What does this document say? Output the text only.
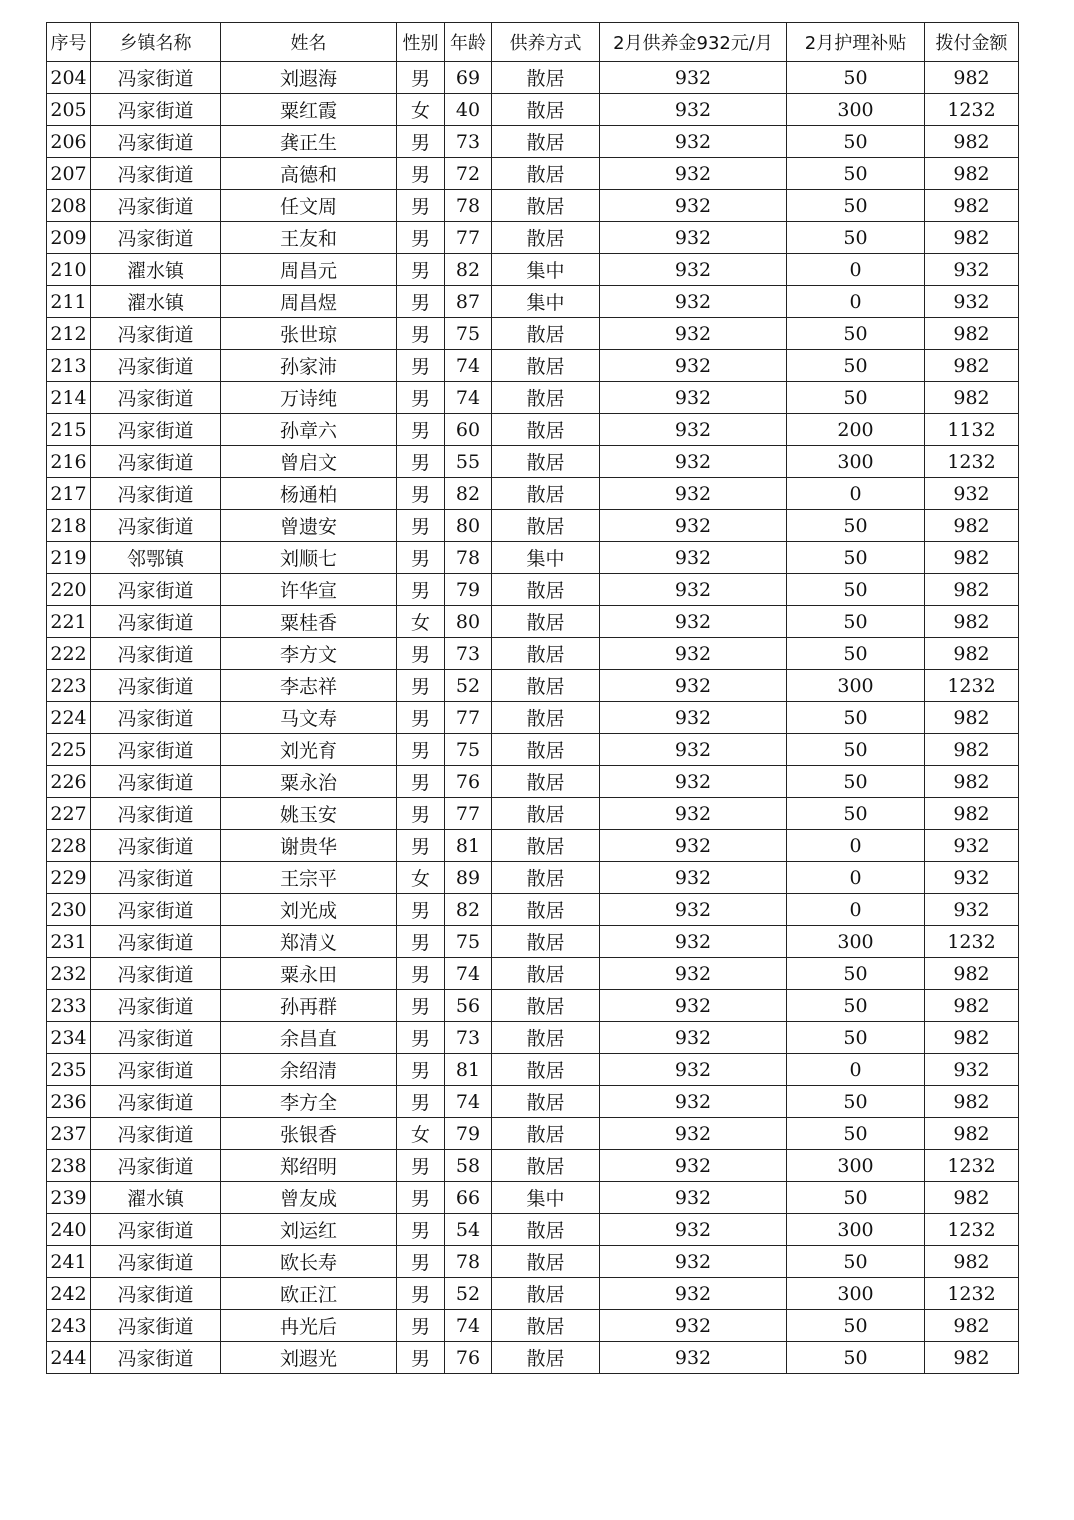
序号	乡镇名称	姓名	性别	年龄	供养方式	2月供养金932元/月	2月护理补贴	拨付金额
204	冯家街道	刘遐海	男	69	散居	932	50	982
205	冯家街道	粟红霞	女	40	散居	932	300	1232
206	冯家街道	龚正生	男	73	散居	932	50	982
207	冯家街道	高德和	男	72	散居	932	50	982
208	冯家街道	任文周	男	78	散居	932	50	982
209	冯家街道	王友和	男	77	散居	932	50	982
210	濯水镇	周昌元	男	82	集中	932	0	932
211	濯水镇	周昌煜	男	87	集中	932	0	932
212	冯家街道	张世琼	男	75	散居	932	50	982
213	冯家街道	孙家沛	男	74	散居	932	50	982
214	冯家街道	万诗纯	男	74	散居	932	50	982
215	冯家街道	孙章六	男	60	散居	932	200	1132
216	冯家街道	曾启文	男	55	散居	932	300	1232
217	冯家街道	杨通柏	男	82	散居	932	0	932
218	冯家街道	曾遗安	男	80	散居	932	50	982
219	邻鄂镇	刘顺七	男	78	集中	932	50	982
220	冯家街道	许华宣	男	79	散居	932	50	982
221	冯家街道	粟桂香	女	80	散居	932	50	982
222	冯家街道	李方文	男	73	散居	932	50	982
223	冯家街道	李志祥	男	52	散居	932	300	1232
224	冯家街道	马文寿	男	77	散居	932	50	982
225	冯家街道	刘光育	男	75	散居	932	50	982
226	冯家街道	粟永治	男	76	散居	932	50	982
227	冯家街道	姚玉安	男	77	散居	932	50	982
228	冯家街道	谢贵华	男	81	散居	932	0	932
229	冯家街道	王宗平	女	89	散居	932	0	932
230	冯家街道	刘光成	男	82	散居	932	0	932
231	冯家街道	郑清义	男	75	散居	932	300	1232
232	冯家街道	粟永田	男	74	散居	932	50	982
233	冯家街道	孙再群	男	56	散居	932	50	982
234	冯家街道	余昌直	男	73	散居	932	50	982
235	冯家街道	余绍清	男	81	散居	932	0	932
236	冯家街道	李方全	男	74	散居	932	50	982
237	冯家街道	张银香	女	79	散居	932	50	982
238	冯家街道	郑绍明	男	58	散居	932	300	1232
239	濯水镇	曾友成	男	66	集中	932	50	982
240	冯家街道	刘运红	男	54	散居	932	300	1232
241	冯家街道	欧长寿	男	78	散居	932	50	982
242	冯家街道	欧正江	男	52	散居	932	300	1232
243	冯家街道	冉光后	男	74	散居	932	50	982
244	冯家街道	刘遐光	男	76	散居	932	50	982
